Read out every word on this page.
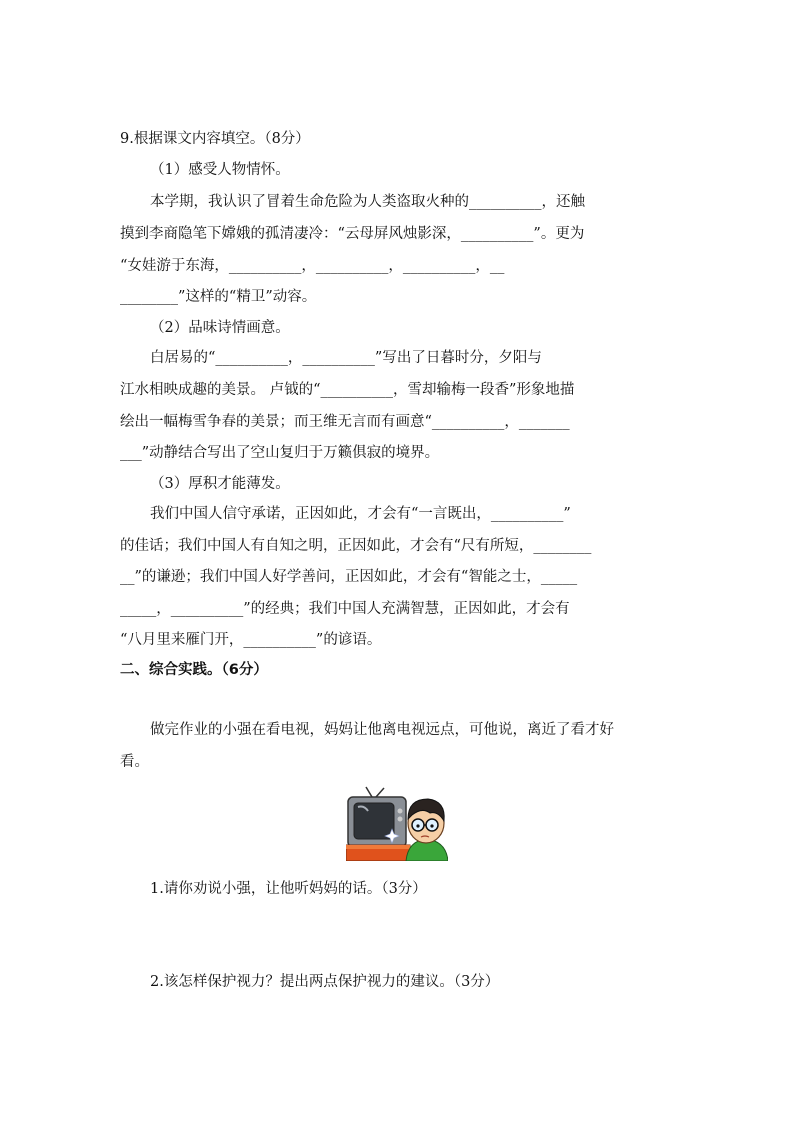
9.根据课文内容填空。（8分）
（1）感受人物情怀。
本学期，我认识了冒着生命危险为人类盗取火种的__________，还触
摸到李商隐笔下嫦娥的孤清凄冷：“云母屏风烛影深，__________”。更为
“女娃游于东海，__________，__________，__________，__
________”这样的“精卫”动容。
（2）品味诗情画意。
白居易的“__________，__________”写出了日暮时分，夕阳与
江水相映成趣的美景。 卢钺的“__________，雪却输梅一段香”形象地描
绘出一幅梅雪争春的美景；而王维无言而有画意“__________，_______
___”动静结合写出了空山复归于万籁俱寂的境界。
（3）厚积才能薄发。
我们中国人信守承诺，正因如此，才会有“一言既出，__________”
的佳话；我们中国人有自知之明，正因如此，才会有“尺有所短，________
__”的谦逊；我们中国人好学善问，正因如此，才会有“智能之士，_____
_____，__________”的经典；我们中国人充满智慧，正因如此，才会有
“八月里来雁门开，__________”的谚语。
二、综合实践。（6分）
做完作业的小强在看电视，妈妈让他离电视远点，可他说，离近了看才好
看。
1.请你劝说小强，让他听妈妈的话。（3分）
2.该怎样保护视力？提出两点保护视力的建议。（3分）
